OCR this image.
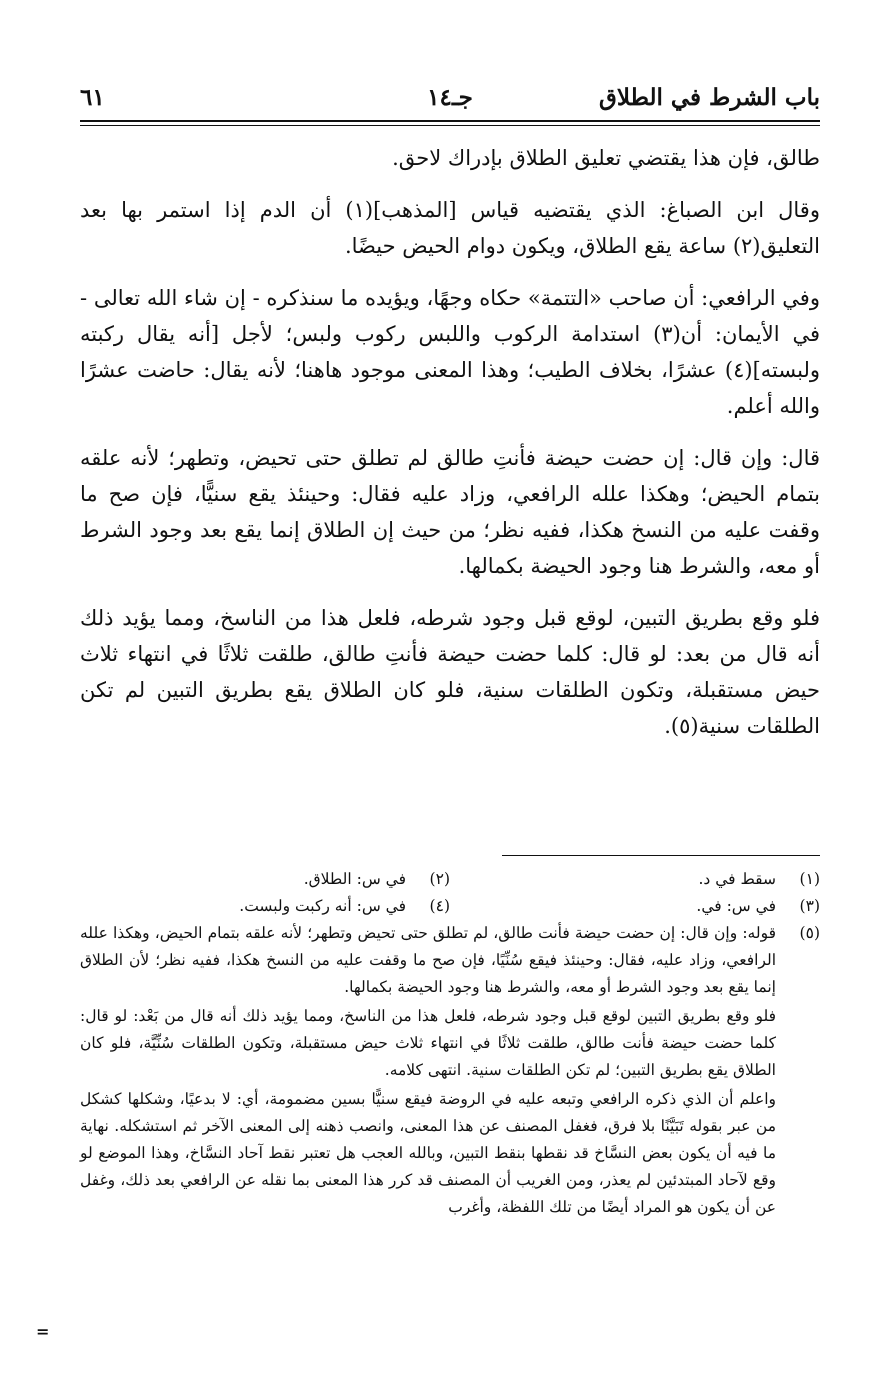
باب الشرط في الطلاق
جـ١٤
٦١

طالق، فإن هذا يقتضي تعليق الطلاق بإدراك لاحق.

وقال ابن الصباغ: الذي يقتضيه قياس [المذهب](١) أن الدم إذا استمر بها بعد التعليق(٢) ساعة يقع الطلاق، ويكون دوام الحيض حيضًا.

وفي الرافعي: أن صاحب «التتمة» حكاه وجهًا، ويؤيده ما سنذكره - إن شاء الله تعالى - في الأيمان: أن(٣) استدامة الركوب واللبس ركوب ولبس؛ لأجل [أنه يقال ركبته ولبسته](٤) عشرًا، بخلاف الطيب؛ وهذا المعنى موجود هاهنا؛ لأنه يقال: حاضت عشرًا والله أعلم.

قال: وإن قال: إن حضت حيضة فأنتِ طالق لم تطلق حتى تحيض، وتطهر؛ لأنه علقه بتمام الحيض؛ وهكذا علله الرافعي، وزاد عليه فقال: وحينئذ يقع سنيًّا، فإن صح ما وقفت عليه من النسخ هكذا، ففيه نظر؛ من حيث إن الطلاق إنما يقع بعد وجود الشرط أو معه، والشرط هنا وجود الحيضة بكمالها.

فلو وقع بطريق التبين، لوقع قبل وجود شرطه، فلعل هذا من الناسخ، ومما يؤيد ذلك أنه قال من بعد: لو قال: كلما حضت حيضة فأنتِ طالق، طلقت ثلاثًا في انتهاء ثلاث حيض مستقبلة، وتكون الطلقات سنية، فلو كان الطلاق يقع بطريق التبين لم تكن الطلقات سنية(٥).

(١)
سقط في د.
(٢)
في س: الطلاق.
(٣)
في س: في.
(٤)
في س: أنه ركبت ولبست.
(٥)

قوله: وإن قال: إن حضت حيضة فأنت طالق، لم تطلق حتى تحيض وتطهر؛ لأنه علقه بتمام الحيض، وهكذا علله الرافعي، وزاد عليه، فقال: وحينئذ فيقع سُنِّيًا، فإن صح ما وقفت عليه من النسخ هكذا، ففيه نظر؛ لأن الطلاق إنما يقع بعد وجود الشرط أو معه، والشرط هنا وجود الحيضة بكمالها.

فلو وقع بطريق التبين لوقع قبل وجود شرطه، فلعل هذا من الناسخ، ومما يؤيد ذلك أنه قال من بَعْد: لو قال: كلما حضت حيضة فأنت طالق، طلقت ثلاثًا في انتهاء ثلاث حيض مستقبلة، وتكون الطلقات سُنِّيَّة، فلو كان الطلاق يقع بطريق التبين؛ لم تكن الطلقات سنية. انتهى كلامه.

واعلم أن الذي ذكره الرافعي وتبعه عليه في الروضة فيقع سنيًّا بسين مضمومة، أي: لا بدعيًا، وشكلها كشكل من عبر بقوله تَبَيَّنًا بلا فرق، فغفل المصنف عن هذا المعنى، وانصب ذهنه إلى المعنى الآخر ثم استشكله. نهاية ما فيه أن يكون بعض النسَّاخ قد نقطها بنقط التبين، وبالله العجب هل تعتبر نقط آحاد النسَّاخ، وهذا الموضع لو وقع لآحاد المبتدئين لم يعذر، ومن الغريب أن المصنف قد كرر هذا المعنى بما نقله عن الرافعي بعد ذلك، وغفل عن أن يكون هو المراد أيضًا من تلك اللفظة، وأغرب

=
